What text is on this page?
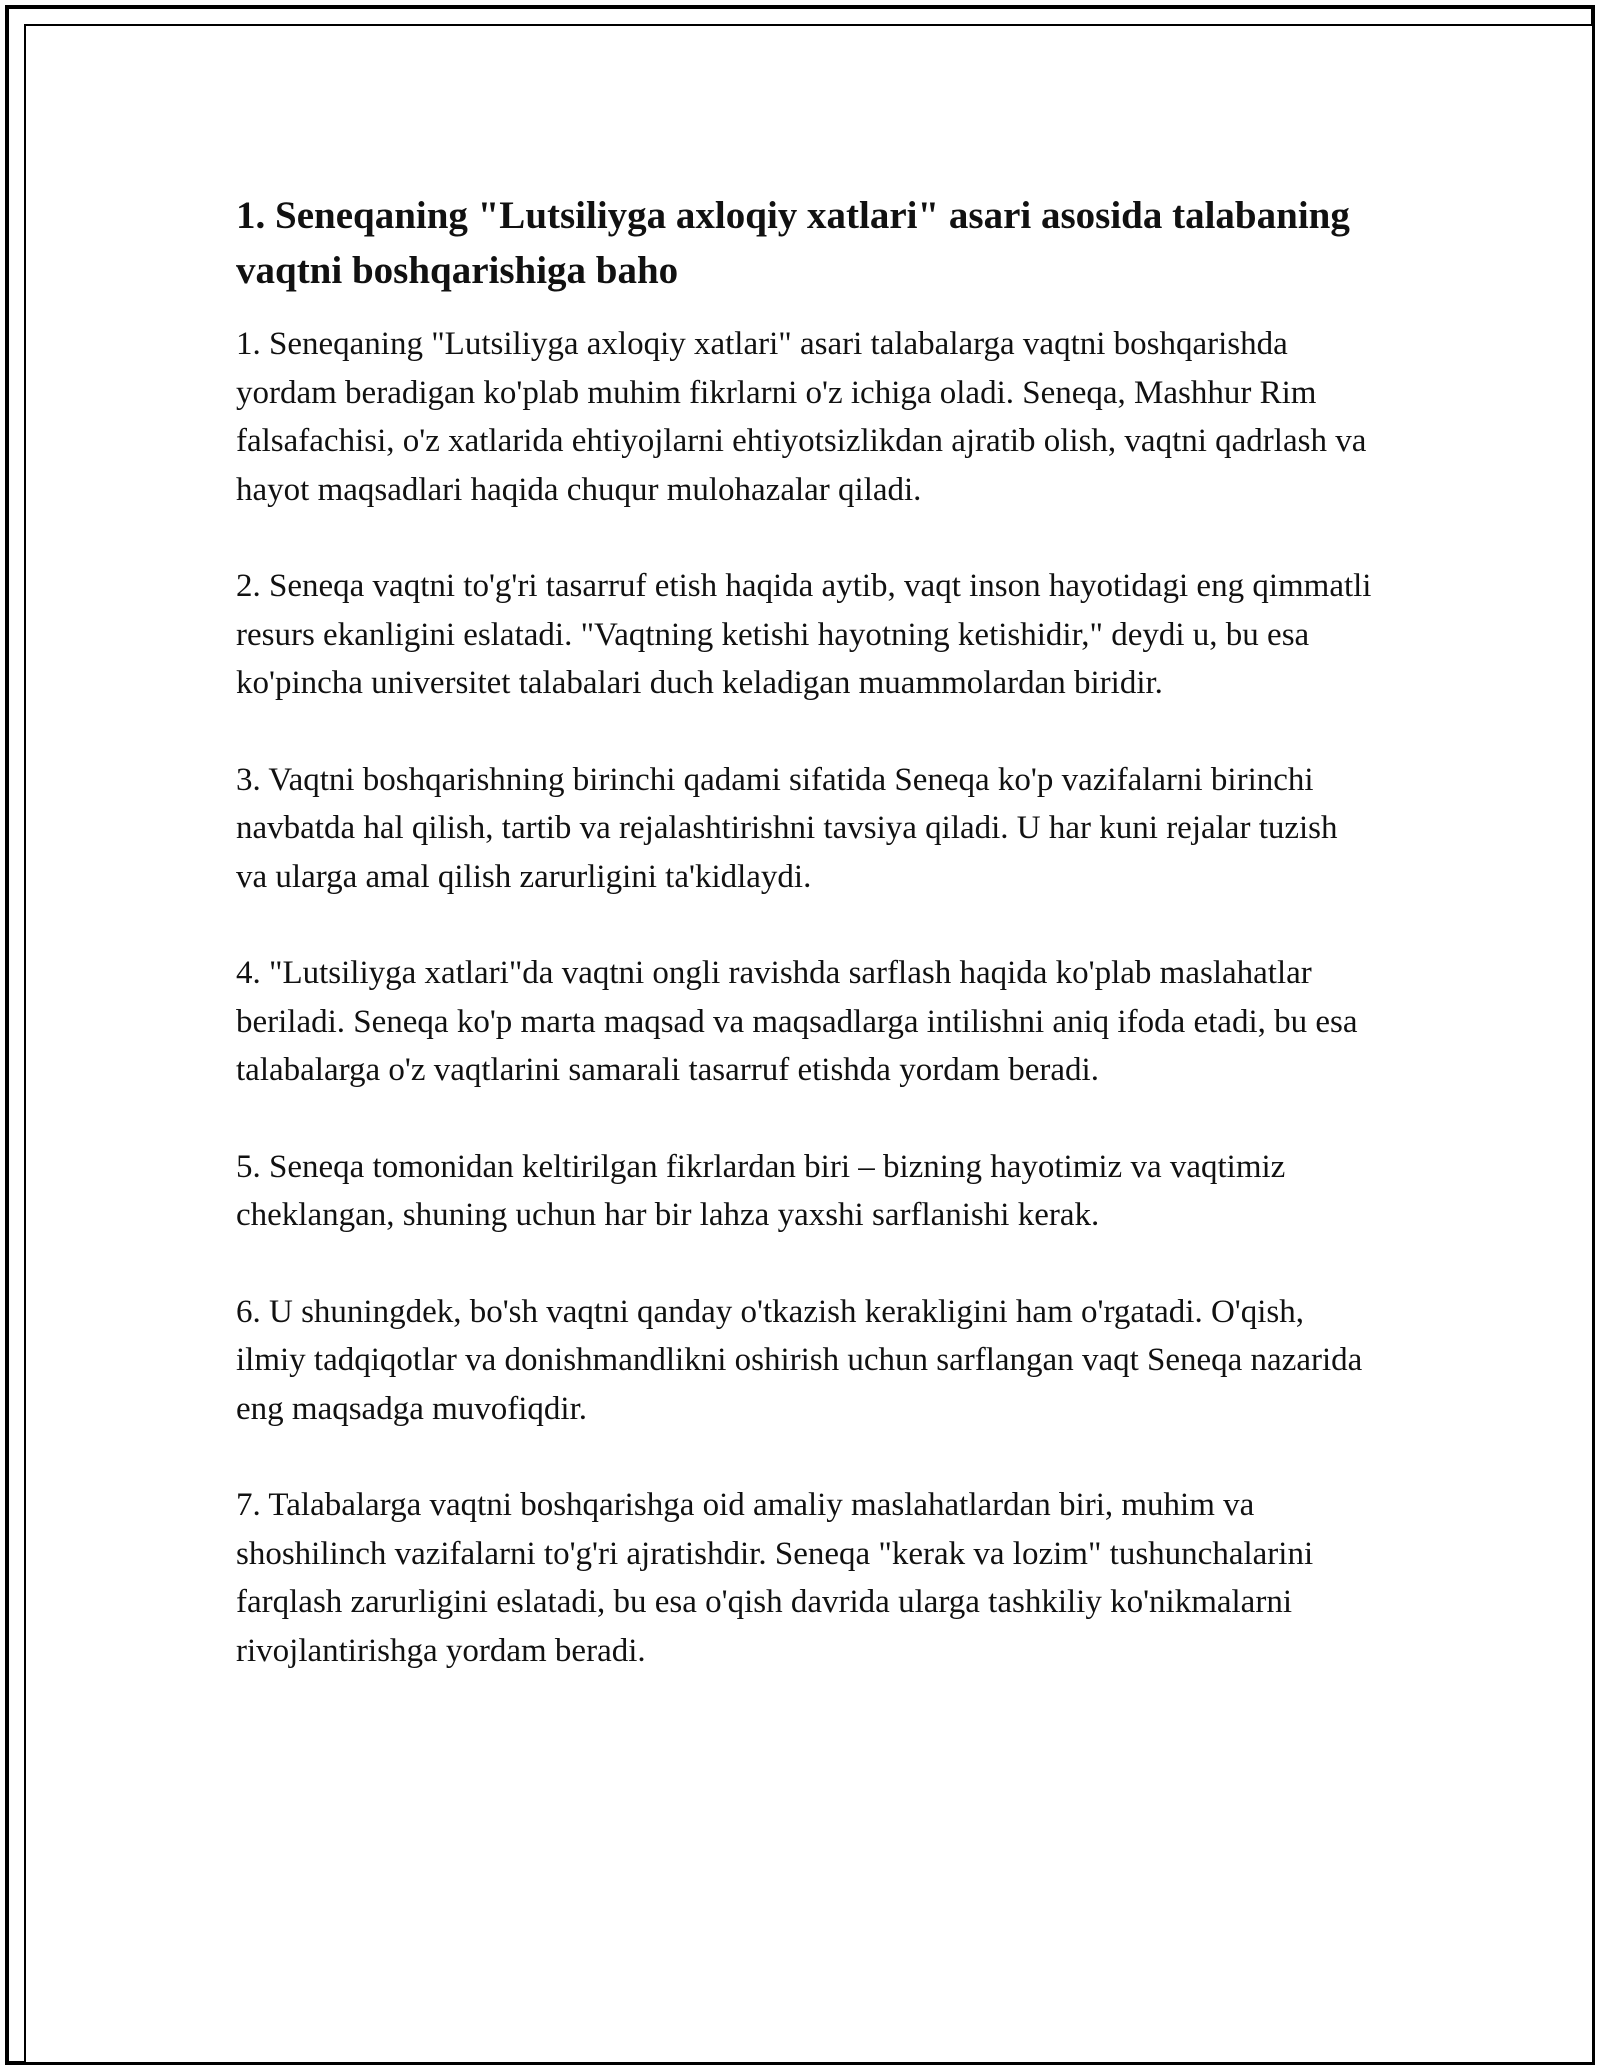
1. Seneqaning "Lutsiliyga axloqiy xatlari" asari asosida talabaning vaqtni boshqarishiga baho

1. Seneqaning "Lutsiliyga axloqiy xatlari" asari talabalarga vaqtni boshqarishda yordam beradigan ko'plab muhim fikrlarni o'z ichiga oladi. Seneqa, Mashhur Rim falsafachisi, o'z xatlarida ehtiyojlarni ehtiyotsizlikdan ajratib olish, vaqtni qadrlash va hayot maqsadlari haqida chuqur mulohazalar qiladi.

2. Seneqa vaqtni to'g'ri tasarruf etish haqida aytib, vaqt inson hayotidagi eng qimmatli resurs ekanligini eslatadi. "Vaqtning ketishi hayotning ketishidir," deydi u, bu esa ko'pincha universitet talabalari duch keladigan muammolardan biridir.

3. Vaqtni boshqarishning birinchi qadami sifatida Seneqa ko'p vazifalarni birinchi navbatda hal qilish, tartib va rejalashtirishni tavsiya qiladi. U har kuni rejalar tuzish va ularga amal qilish zarurligini ta'kidlaydi.

4. "Lutsiliyga xatlari"da vaqtni ongli ravishda sarflash haqida ko'plab maslahatlar beriladi. Seneqa ko'p marta maqsad va maqsadlarga intilishni aniq ifoda etadi, bu esa talabalarga o'z vaqtlarini samarali tasarruf etishda yordam beradi.

5. Seneqa tomonidan keltirilgan fikrlardan biri – bizning hayotimiz va vaqtimiz cheklangan, shuning uchun har bir lahza yaxshi sarflanishi kerak.

6. U shuningdek, bo'sh vaqtni qanday o'tkazish kerakligini ham o'rgatadi. O'qish, ilmiy tadqiqotlar va donishmandlikni oshirish uchun sarflangan vaqt Seneqa nazarida eng maqsadga muvofiqdir.

7. Talabalarga vaqtni boshqarishga oid amaliy maslahatlardan biri, muhim va shoshilinch vazifalarni to'g'ri ajratishdir. Seneqa "kerak va lozim" tushunchalarini farqlash zarurligini eslatadi, bu esa o'qish davrida ularga tashkiliy ko'nikmalarni rivojlantirishga yordam beradi.
